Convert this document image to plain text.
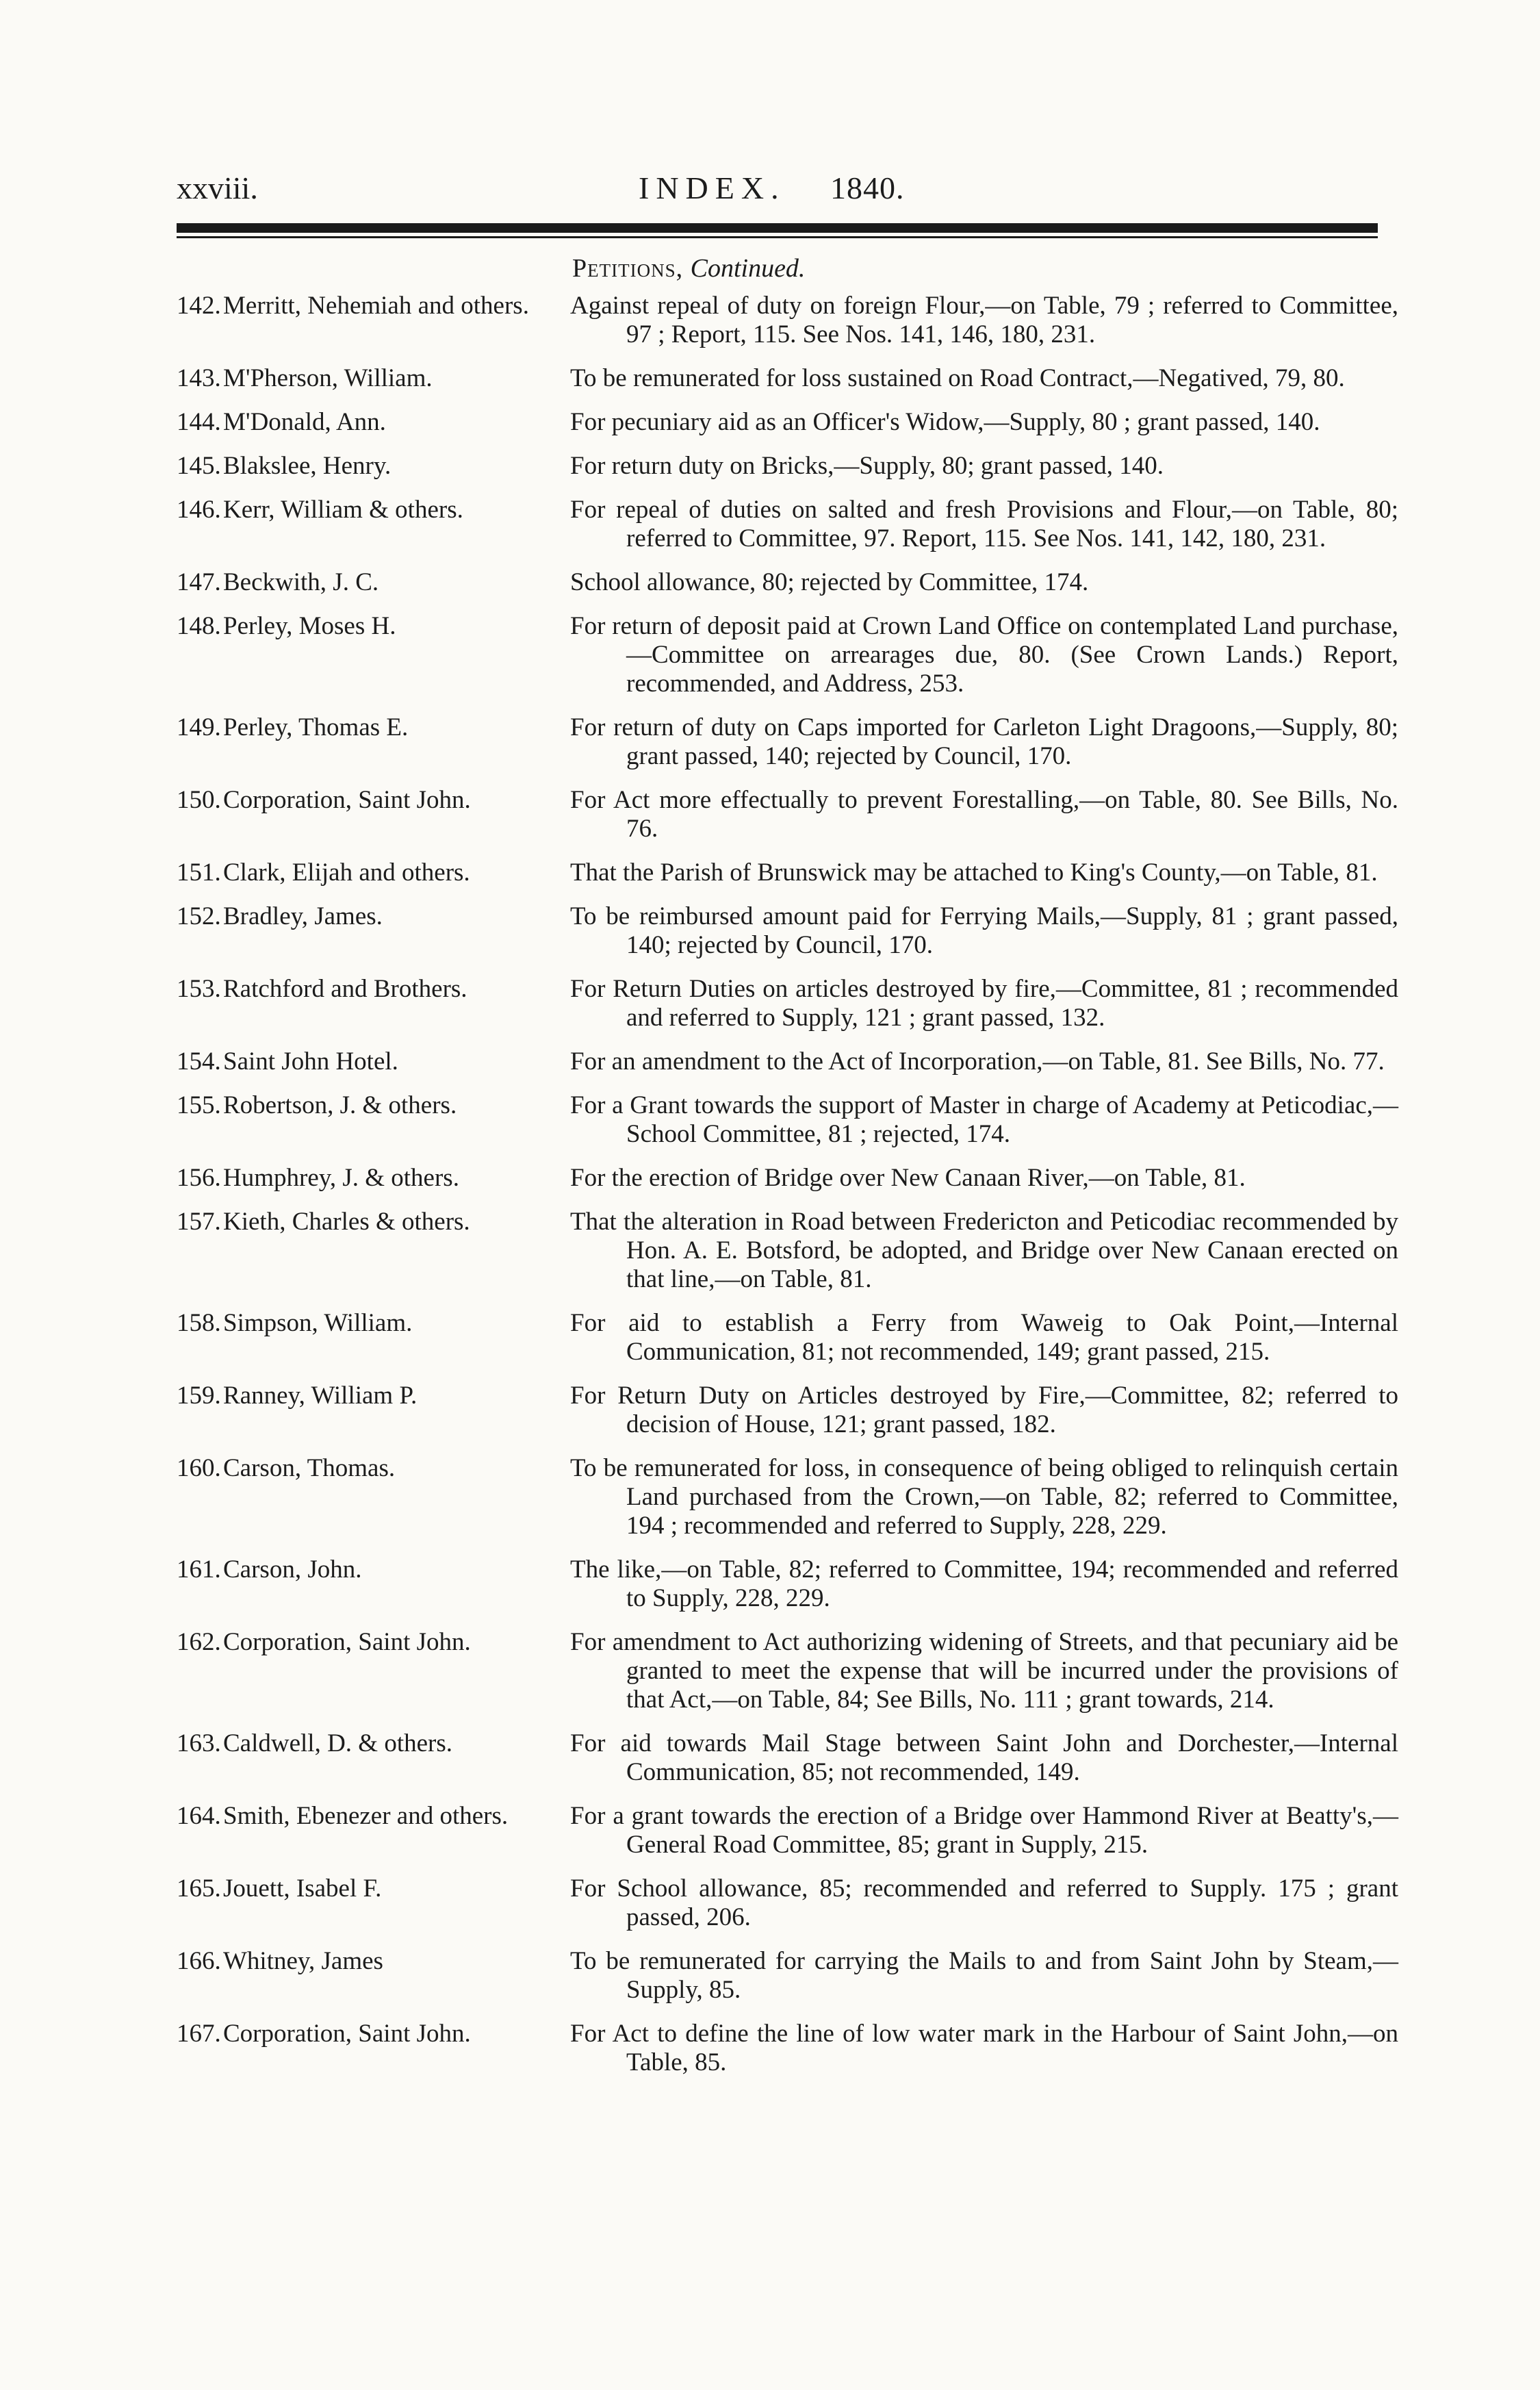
xxviii.	INDEX. 1840.
Petitions, Continued.
142.Merritt, Nehemiah and others.	Against repeal of duty on foreign Flour,—on Table, 79 ; referred to Committee, 97 ; Report, 115. See Nos. 141, 146, 180, 231.
143.M'Pherson, William.	To be remunerated for loss sustained on Road Contract,—Negatived, 79, 80.
144.M'Donald, Ann.	For pecuniary aid as an Officer's Widow,—Supply, 80 ; grant passed, 140.
145.Blakslee, Henry.	For return duty on Bricks,—Supply, 80; grant passed, 140.
146.Kerr, William & others.	For repeal of duties on salted and fresh Provisions and Flour,—on Table, 80; referred to Committee, 97. Report, 115. See Nos. 141, 142, 180, 231.
147.Beckwith, J. C.	School allowance, 80; rejected by Committee, 174.
148.Perley, Moses H.	For return of deposit paid at Crown Land Office on contemplated Land purchase,—Committee on arrearages due, 80. (See Crown Lands.) Report, recommended, and Address, 253.
149.Perley, Thomas E.	For return of duty on Caps imported for Carleton Light Dragoons,—Supply, 80; grant passed, 140; rejected by Council, 170.
150.Corporation, Saint John.	For Act more effectually to prevent Forestalling,—on Table, 80. See Bills, No. 76.
151.Clark, Elijah and others.	That the Parish of Brunswick may be attached to King's County,—on Table, 81.
152.Bradley, James.	To be reimbursed amount paid for Ferrying Mails,—Supply, 81 ; grant passed, 140; rejected by Council, 170.
153.Ratchford and Brothers.	For Return Duties on articles destroyed by fire,—Committee, 81 ; recommended and referred to Supply, 121 ; grant passed, 132.
154.Saint John Hotel.	For an amendment to the Act of Incorporation,—on Table, 81. See Bills, No. 77.
155.Robertson, J. & others.	For a Grant towards the support of Master in charge of Academy at Peticodiac,—School Committee, 81 ; rejected, 174.
156.Humphrey, J. & others.	For the erection of Bridge over New Canaan River,—on Table, 81.
157.Kieth, Charles & others.	That the alteration in Road between Fredericton and Peticodiac recommended by Hon. A. E. Botsford, be adopted, and Bridge over New Canaan erected on that line,—on Table, 81.
158.Simpson, William.	For aid to establish a Ferry from Waweig to Oak Point,—Internal Communication, 81; not recommended, 149; grant passed, 215.
159.Ranney, William P.	For Return Duty on Articles destroyed by Fire,—Committee, 82; referred to decision of House, 121; grant passed, 182.
160.Carson, Thomas.	To be remunerated for loss, in consequence of being obliged to relinquish certain Land purchased from the Crown,—on Table, 82; referred to Committee, 194 ; recommended and referred to Supply, 228, 229.
161.Carson, John.	The like,—on Table, 82; referred to Committee, 194; recommended and referred to Supply, 228, 229.
162.Corporation, Saint John.	For amendment to Act authorizing widening of Streets, and that pecuniary aid be granted to meet the expense that will be incurred under the provisions of that Act,—on Table, 84; See Bills, No. 111 ; grant towards, 214.
163.Caldwell, D. & others.	For aid towards Mail Stage between Saint John and Dorchester,—Internal Communication, 85; not recommended, 149.
164.Smith, Ebenezer and others.	For a grant towards the erection of a Bridge over Hammond River at Beatty's,—General Road Committee, 85; grant in Supply, 215.
165.Jouett, Isabel F.	For School allowance, 85; recommended and referred to Supply. 175 ; grant passed, 206.
166.Whitney, James	To be remunerated for carrying the Mails to and from Saint John by Steam,—Supply, 85.
167.Corporation, Saint John.	For Act to define the line of low water mark in the Harbour of Saint John,—on Table, 85.
